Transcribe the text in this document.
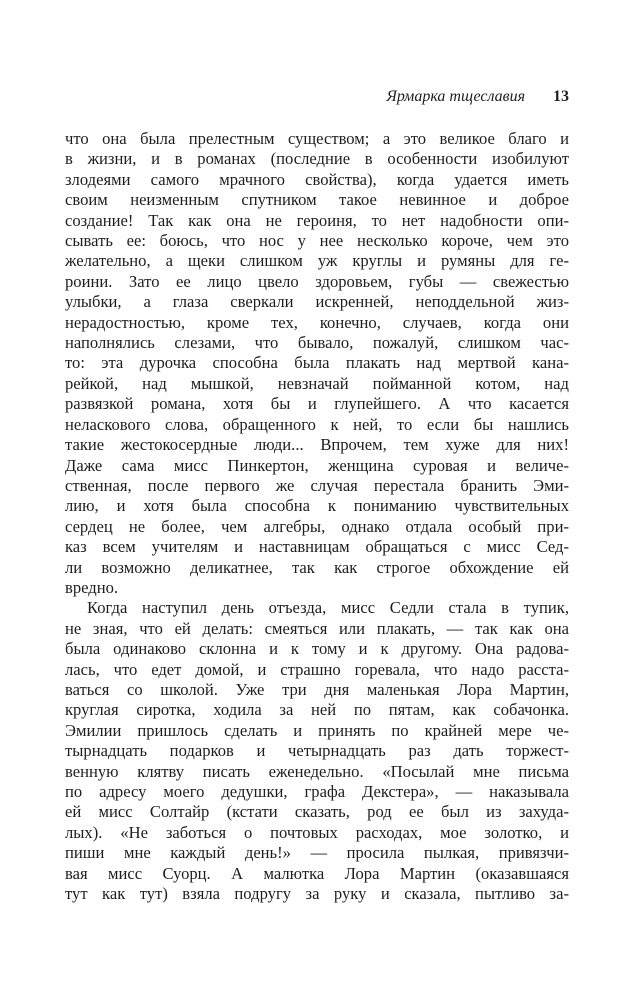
Ярмарка тщеславия 13
что она была прелестным существом; а это великое благо и
в жизни, и в романах (последние в особенности изобилуют
злодеями самого мрачного свойства), когда удается иметь
своим неизменным спутником такое невинное и доброе
создание! Так как она не героиня, то нет надобности опи-
сывать ее: боюсь, что нос у нее несколько короче, чем это
желательно, а щеки слишком уж круглы и румяны для ге-
роини. Зато ее лицо цвело здоровьем, губы — свежестью
улыбки, а глаза сверкали искренней, неподдельной жиз-
нерадостностью, кроме тех, конечно, случаев, когда они
наполнялись слезами, что бывало, пожалуй, слишком час-
то: эта дурочка способна была плакать над мертвой кана-
рейкой, над мышкой, невзначай пойманной котом, над
развязкой романа, хотя бы и глупейшего. А что касается
неласкового слова, обращенного к ней, то если бы нашлись
такие жестокосердные люди... Впрочем, тем хуже для них!
Даже сама мисс Пинкертон, женщина суровая и величе-
ственная, после первого же случая перестала бранить Эми-
лию, и хотя была способна к пониманию чувствительных
сердец не более, чем алгебры, однако отдала особый при-
каз всем учителям и наставницам обращаться с мисс Сед-
ли возможно деликатнее, так как строгое обхождение ей
вредно.
Когда наступил день отъезда, мисс Седли стала в тупик,
не зная, что ей делать: смеяться или плакать, — так как она
была одинаково склонна и к тому и к другому. Она радова-
лась, что едет домой, и страшно горевала, что надо расста-
ваться со школой. Уже три дня маленькая Лора Мартин,
круглая сиротка, ходила за ней по пятам, как собачонка.
Эмилии пришлось сделать и принять по крайней мере че-
тырнадцать подарков и четырнадцать раз дать торжест-
венную клятву писать еженедельно. «Посылай мне письма
по адресу моего дедушки, графа Декстера», — наказывала
ей мисс Солтайр (кстати сказать, род ее был из захуда-
лых). «Не заботься о почтовых расходах, мое золотко, и
пиши мне каждый день!» — просила пылкая, привязчи-
вая мисс Суорц. А малютка Лора Мартин (оказавшаяся
тут как тут) взяла подругу за руку и сказала, пытливо за-
